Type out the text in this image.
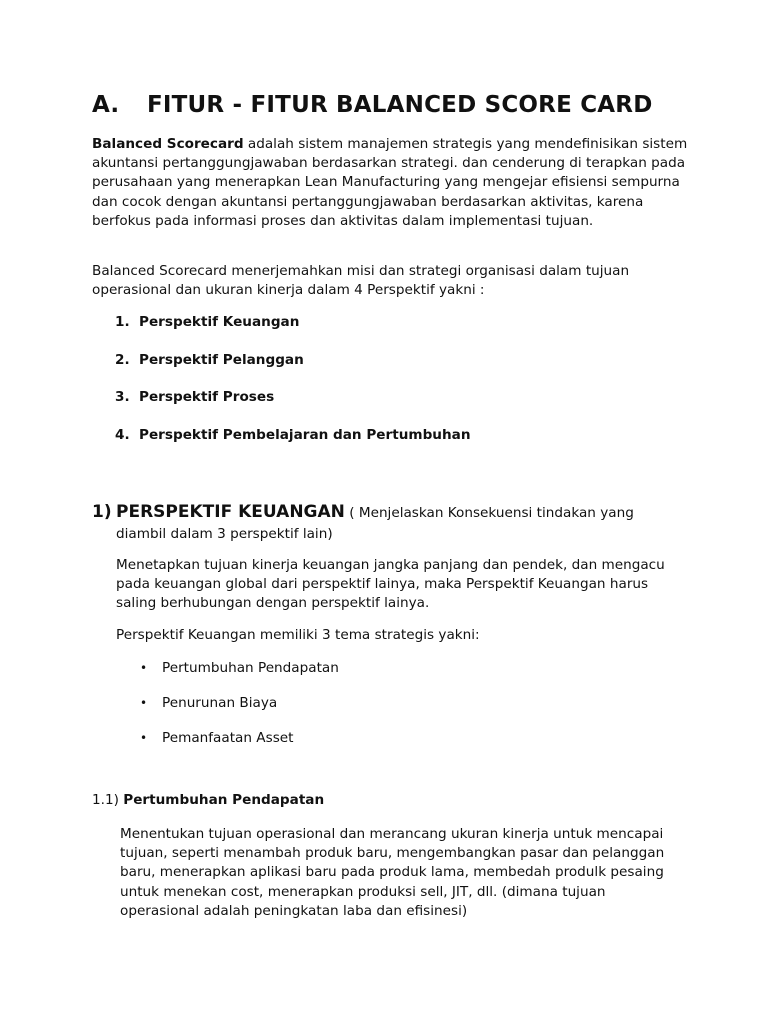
A. FITUR - FITUR BALANCED SCORE CARD
Balanced Scorecard adalah sistem manajemen strategis yang mendefinisikan sistem akuntansi pertanggungjawaban berdasarkan strategi. dan cenderung di terapkan pada perusahaan yang menerapkan Lean Manufacturing yang mengejar efisiensi sempurna dan cocok dengan akuntansi pertanggungjawaban berdasarkan aktivitas, karena berfokus pada informasi proses dan aktivitas dalam implementasi tujuan.
Balanced Scorecard menerjemahkan misi dan strategi organisasi dalam tujuan operasional dan ukuran kinerja dalam 4 Perspektif yakni :
1. Perspektif Keuangan
2. Perspektif Pelanggan
3. Perspektif Proses
4. Perspektif Pembelajaran dan Pertumbuhan
1) PERSPEKTIF KEUANGAN ( Menjelaskan Konsekuensi tindakan yang
diambil dalam 3 perspektif lain)
Menetapkan tujuan kinerja keuangan jangka panjang dan pendek, dan mengacu pada keuangan global dari perspektif lainya, maka Perspektif Keuangan harus saling berhubungan dengan perspektif lainya.
Perspektif Keuangan memiliki 3 tema strategis yakni:
• Pertumbuhan Pendapatan
• Penurunan Biaya
• Pemanfaatan Asset
1.1) Pertumbuhan Pendapatan
Menentukan tujuan operasional dan merancang ukuran kinerja untuk mencapai tujuan, seperti menambah produk baru, mengembangkan pasar dan pelanggan baru, menerapkan aplikasi baru pada produk lama, membedah produlk pesaing untuk menekan cost, menerapkan produksi sell, JIT, dll. (dimana tujuan operasional adalah peningkatan laba dan efisinesi)
